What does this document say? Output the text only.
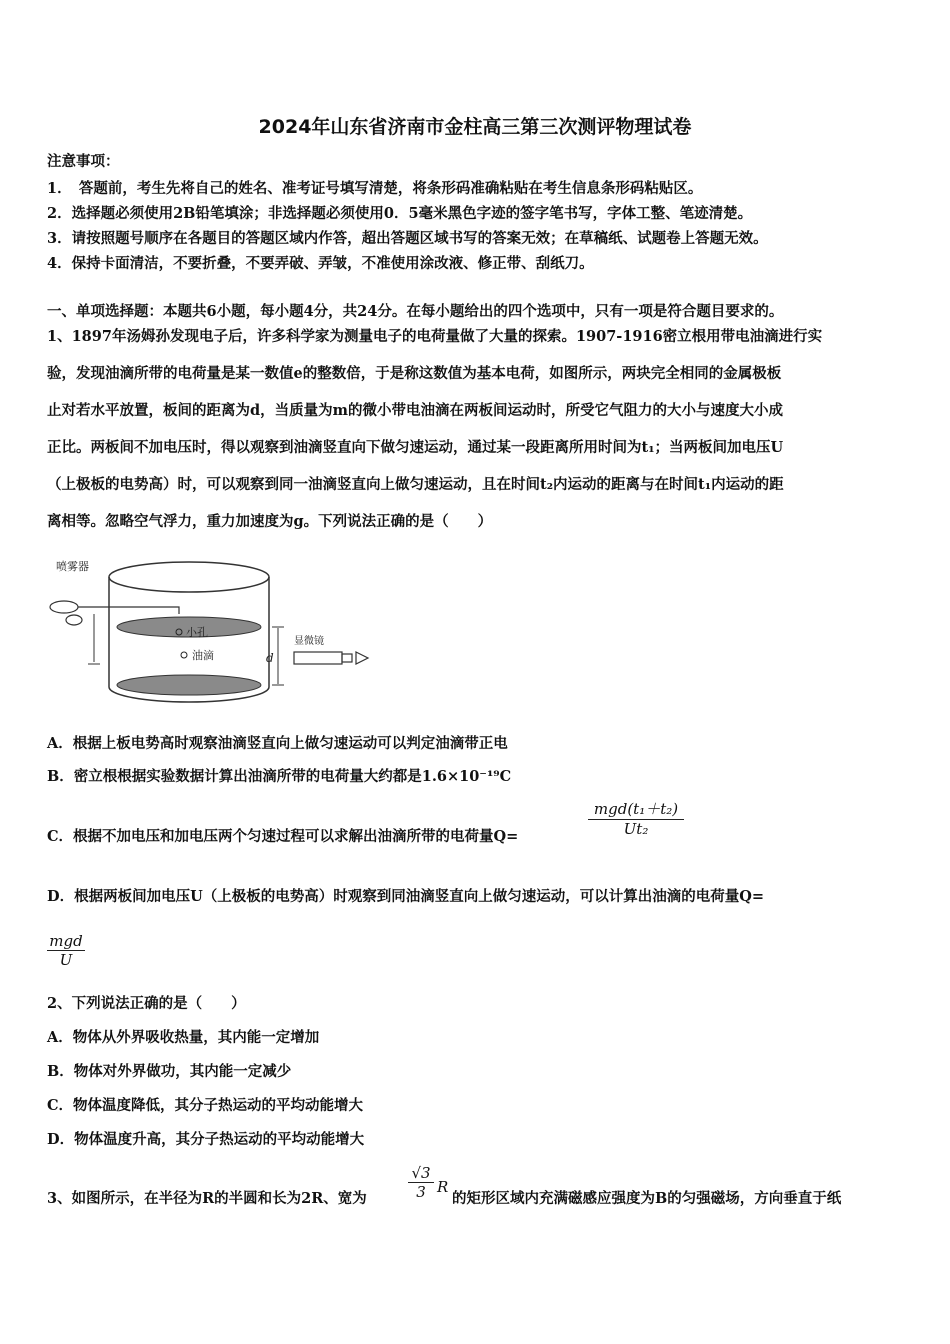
2024年山东省济南市金柱高三第三次测评物理试卷
注意事项：
1．　答题前，考生先将自己的姓名、准考证号填写清楚，将条形码准确粘贴在考生信息条形码粘贴区。
2．选择题必须使用2B铅笔填涂；非选择题必须使用0．5毫米黑色字迹的签字笔书写，字体工整、笔迹清楚。
3．请按照题号顺序在各题目的答题区域内作答，超出答题区域书写的答案无效；在草稿纸、试题卷上答题无效。
4．保持卡面清洁，不要折叠，不要弄破、弄皱，不准使用涂改液、修正带、刮纸刀。
一、单项选择题：本题共6小题，每小题4分，共24分。在每小题给出的四个选项中，只有一项是符合题目要求的。

1、1897年汤姆孙发现电子后，许多科学家为测量电子的电荷量做了大量的探索。1907-1916密立根用带电油滴进行实

验，发现油滴所带的电荷量是某一数值e的整数倍，于是称这数值为基本电荷，如图所示，两块完全相同的金属极板

止对若水平放置，板间的距离为d，当质量为m的微小带电油滴在两板间运动时，所受它气阻力的大小与速度大小成

正比。两板间不加电压时，得以观察到油滴竖直向下做匀速运动，通过某一段距离所用时间为t₁；当两板间加电压U

（上极板的电势高）时，可以观察到同一油滴竖直向上做匀速运动，且在时间t₂内运动的距离与在时间t₁内运动的距

离相等。忽略空气浮力，重力加速度为g。下列说法正确的是（　　）

喷雾器
小孔
油滴	d
显微镜
A．根据上板电势高时观察油滴竖直向上做匀速运动可以判定油滴带正电
B．密立根根据实验数据计算出油滴所带的电荷量大约都是1.6×10⁻¹⁹C
C．根据不加电压和加电压两个匀速过程可以求解出油滴所带的电荷量Q=
mgd(t₁＋t₂)
Ut₂
D．根据两板间加电压U（上极板的电势高）时观察到同油滴竖直向上做匀速运动，可以计算出油滴的电荷量Q=
mgd
U
2、下列说法正确的是（　　）
A．物体从外界吸收热量，其内能一定增加
B．物体对外界做功，其内能一定减少
C．物体温度降低，其分子热运动的平均动能增大
D．物体温度升高，其分子热运动的平均动能增大
3、如图所示，在半径为R的半圆和长为2R、宽为
√3
3 R
的矩形区域内充满磁感应强度为B的匀强磁场，方向垂直于纸
